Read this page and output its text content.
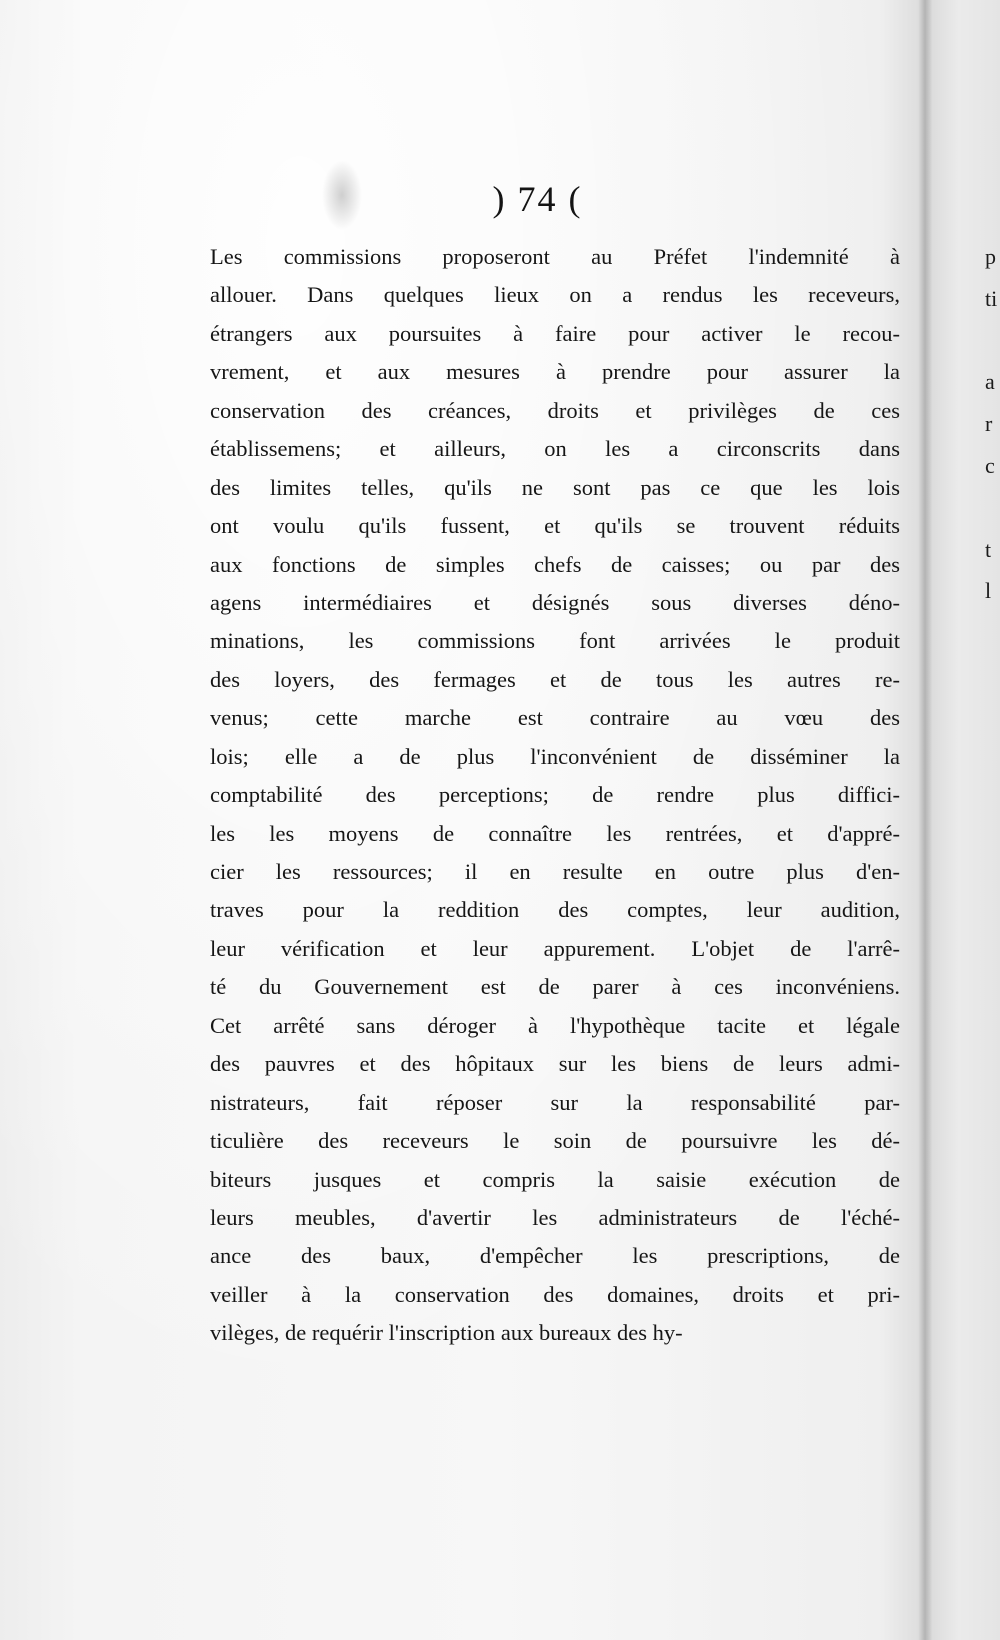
p
ti

a
r
c

t
l
) 74 (
Les commissions proposeront au Préfet l'indemnité à
allouer. Dans quelques lieux on a rendus les receveurs,
étrangers aux poursuites à faire pour activer le recou-
vrement, et aux mesures à prendre pour assurer la
conservation des créances, droits et privilèges de ces
établissemens; et ailleurs, on les a circonscrits dans
des limites telles, qu'ils ne sont pas ce que les lois
ont voulu qu'ils fussent, et qu'ils se trouvent réduits
aux fonctions de simples chefs de caisses; ou par des
agens intermédiaires et désignés sous diverses déno-
minations, les commissions font arrivées le produit
des loyers, des fermages et de tous les autres re-
venus; cette marche est contraire au vœu des
lois; elle a de plus l'inconvénient de disséminer la
comptabilité des perceptions; de rendre plus diffici-
les les moyens de connaître les rentrées, et d'appré-
cier les ressources; il en resulte en outre plus d'en-
traves pour la reddition des comptes, leur audition,
leur vérification et leur appurement. L'objet de l'arrê-
té du Gouvernement est de parer à ces inconvéniens.
Cet arrêté sans déroger à l'hypothèque tacite et légale
des pauvres et des hôpitaux sur les biens de leurs admi-
nistrateurs, fait réposer sur la responsabilité par-
ticulière des receveurs le soin de poursuivre les dé-
biteurs jusques et compris la saisie exécution de
leurs meubles, d'avertir les administrateurs de l'éché-
ance des baux, d'empêcher les prescriptions, de
veiller à la conservation des domaines, droits et pri-
vilèges, de requérir l'inscription aux bureaux des hy-
